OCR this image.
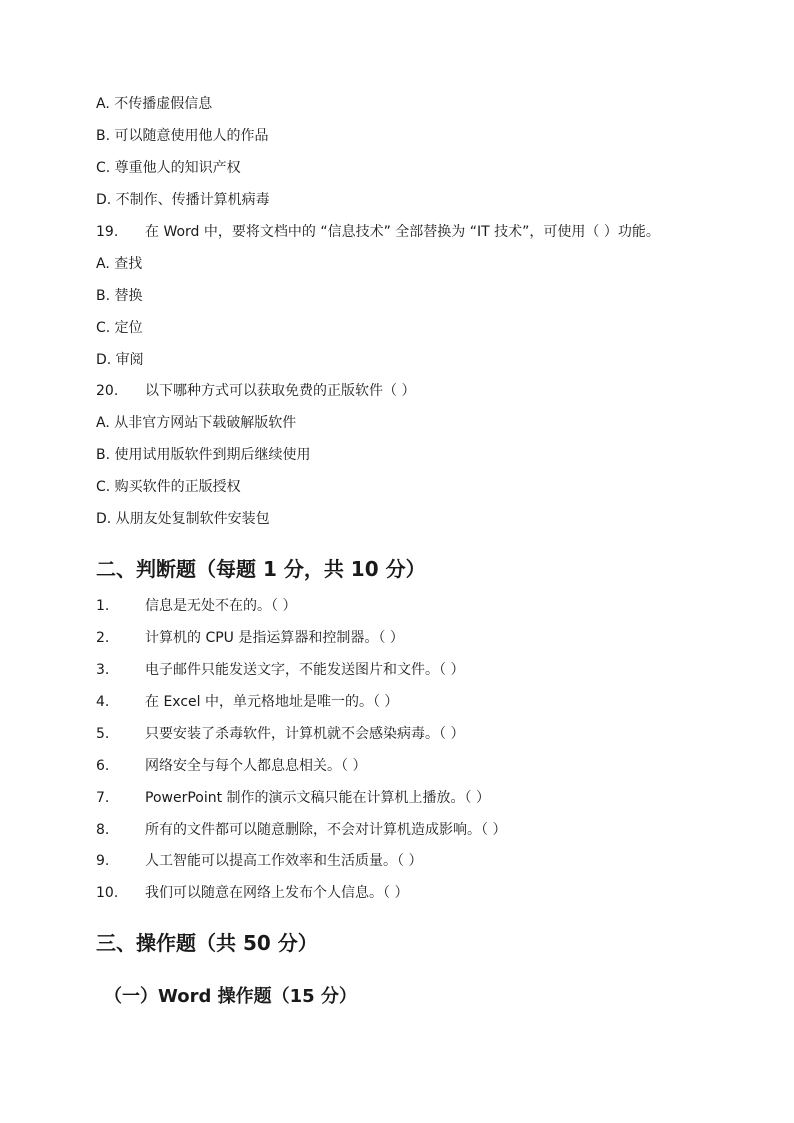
A. 不传播虚假信息
B. 可以随意使用他人的作品
C. 尊重他人的知识产权
D. 不制作、传播计算机病毒
19. 在 Word 中，要将文档中的 “信息技术” 全部替换为 “IT 技术”，可使用（ ）功能。
A. 查找
B. 替换
C. 定位
D. 审阅
20. 以下哪种方式可以获取免费的正版软件（ ）
A. 从非官方网站下载破解版软件
B. 使用试用版软件到期后继续使用
C. 购买软件的正版授权
D. 从朋友处复制软件安装包
二、判断题（每题 1 分，共 10 分）
1.	信息是无处不在的。（ ）
2.	计算机的 CPU 是指运算器和控制器。（ ）
3.	电子邮件只能发送文字，不能发送图片和文件。（ ）
4.	在 Excel 中，单元格地址是唯一的。（ ）
5.	只要安装了杀毒软件，计算机就不会感染病毒。（ ）
6.	网络安全与每个人都息息相关。（ ）
7.	PowerPoint 制作的演示文稿只能在计算机上播放。（ ）
8.	所有的文件都可以随意删除，不会对计算机造成影响。（ ）
9.	人工智能可以提高工作效率和生活质量。（ ）
10. 我们可以随意在网络上发布个人信息。（ ）
三、操作题（共 50 分）
（一）Word 操作题（15 分）
